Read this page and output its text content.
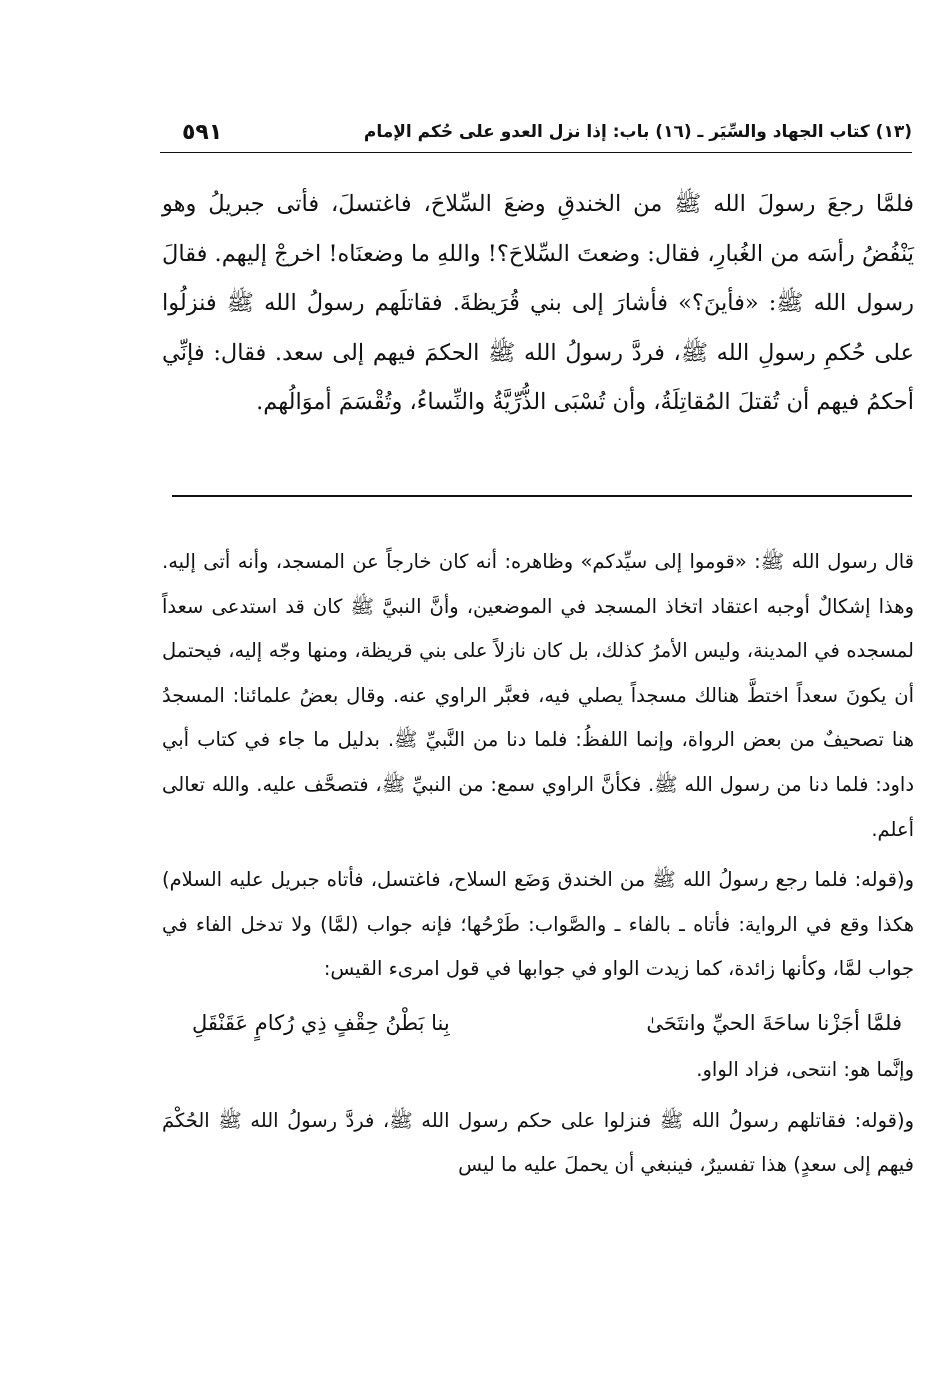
٥٩١	(١٣) كتاب الجهاد والسِّيَر ـ (١٦) باب: إذا نزل العدو على حُكم الإمام

فلمَّا رجعَ رسولَ الله ﷺ من الخندقِ وضعَ السِّلاحَ، فاغتسلَ، فأتى جبريلُ وهو يَنْفُضُ رأسَه من الغُبارِ، فقال: وضعتَ السِّلاحَ؟! واللهِ ما وضعنَاه! اخرجْ إليهم. فقالَ رسول الله ﷺ: «فأينَ؟» فأشارَ إلى بني قُرَيظةَ. فقاتلَهم رسولُ الله ﷺ فنزلُوا على حُكمِ رسولِ الله ﷺ، فردَّ رسولُ الله ﷺ الحكمَ فيهم إلى سعد. فقال: فإنِّي أحكمُ فيهم أن تُقتلَ المُقاتِلَةُ، وأن تُسْبَى الذُّرِّيَّةُ والنِّساءُ، وتُقْسَمَ أموَالُهم.

قال رسول الله ﷺ: «قوموا إلى سيِّدكم» وظاهره: أنه كان خارجاً عن المسجد، وأنه أتى إليه. وهذا إشكالٌ أوجبه اعتقاد اتخاذ المسجد في الموضعين، وأنَّ النبيَّ ﷺ كان قد استدعى سعداً لمسجده في المدينة، وليس الأمرُ كذلك، بل كان نازلاً على بني قريظة، ومنها وجّه إليه، فيحتمل أن يكونَ سعداً اختطَّ هنالك مسجداً يصلي فيه، فعبَّر الراوي عنه. وقال بعضُ علمائنا: المسجدُ هنا تصحيفٌ من بعض الرواة، وإنما اللفظُ: فلما دنا من النَّبيِّ ﷺ. بدليل ما جاء في كتاب أبي داود: فلما دنا من رسول الله ﷺ. فكأنَّ الراوي سمع: من النبيِّ ﷺ، فتصحَّف عليه. والله تعالى أعلم.

و(قوله: فلما رجع رسولُ الله ﷺ من الخندق وَضَع السلاح، فاغتسل، فأتاه جبريل عليه السلام) هكذا وقع في الرواية: فأتاه ـ بالفاء ـ والصَّواب: طَرْحُها؛ فإنه جواب (لمَّا) ولا تدخل الفاء في جواب لمَّا، وكأنها زائدة، كما زيدت الواو في جوابها في قول امرىء القيس:

فلمَّا أجَزْنا ساحَةَ الحيِّ وانتَحَىٰ
بِنا بَطْنُ حِقْفٍ ذِي رُكامٍ عَقَنْقَلِ

وإنَّما هو: انتحى، فزاد الواو.

و(قوله: فقاتلهم رسولُ الله ﷺ فنزلوا على حكم رسول الله ﷺ، فردَّ رسولُ الله ﷺ الحُكْمَ فيهم إلى سعدٍ) هذا تفسيرٌ، فينبغي أن يحملَ عليه ما ليس
